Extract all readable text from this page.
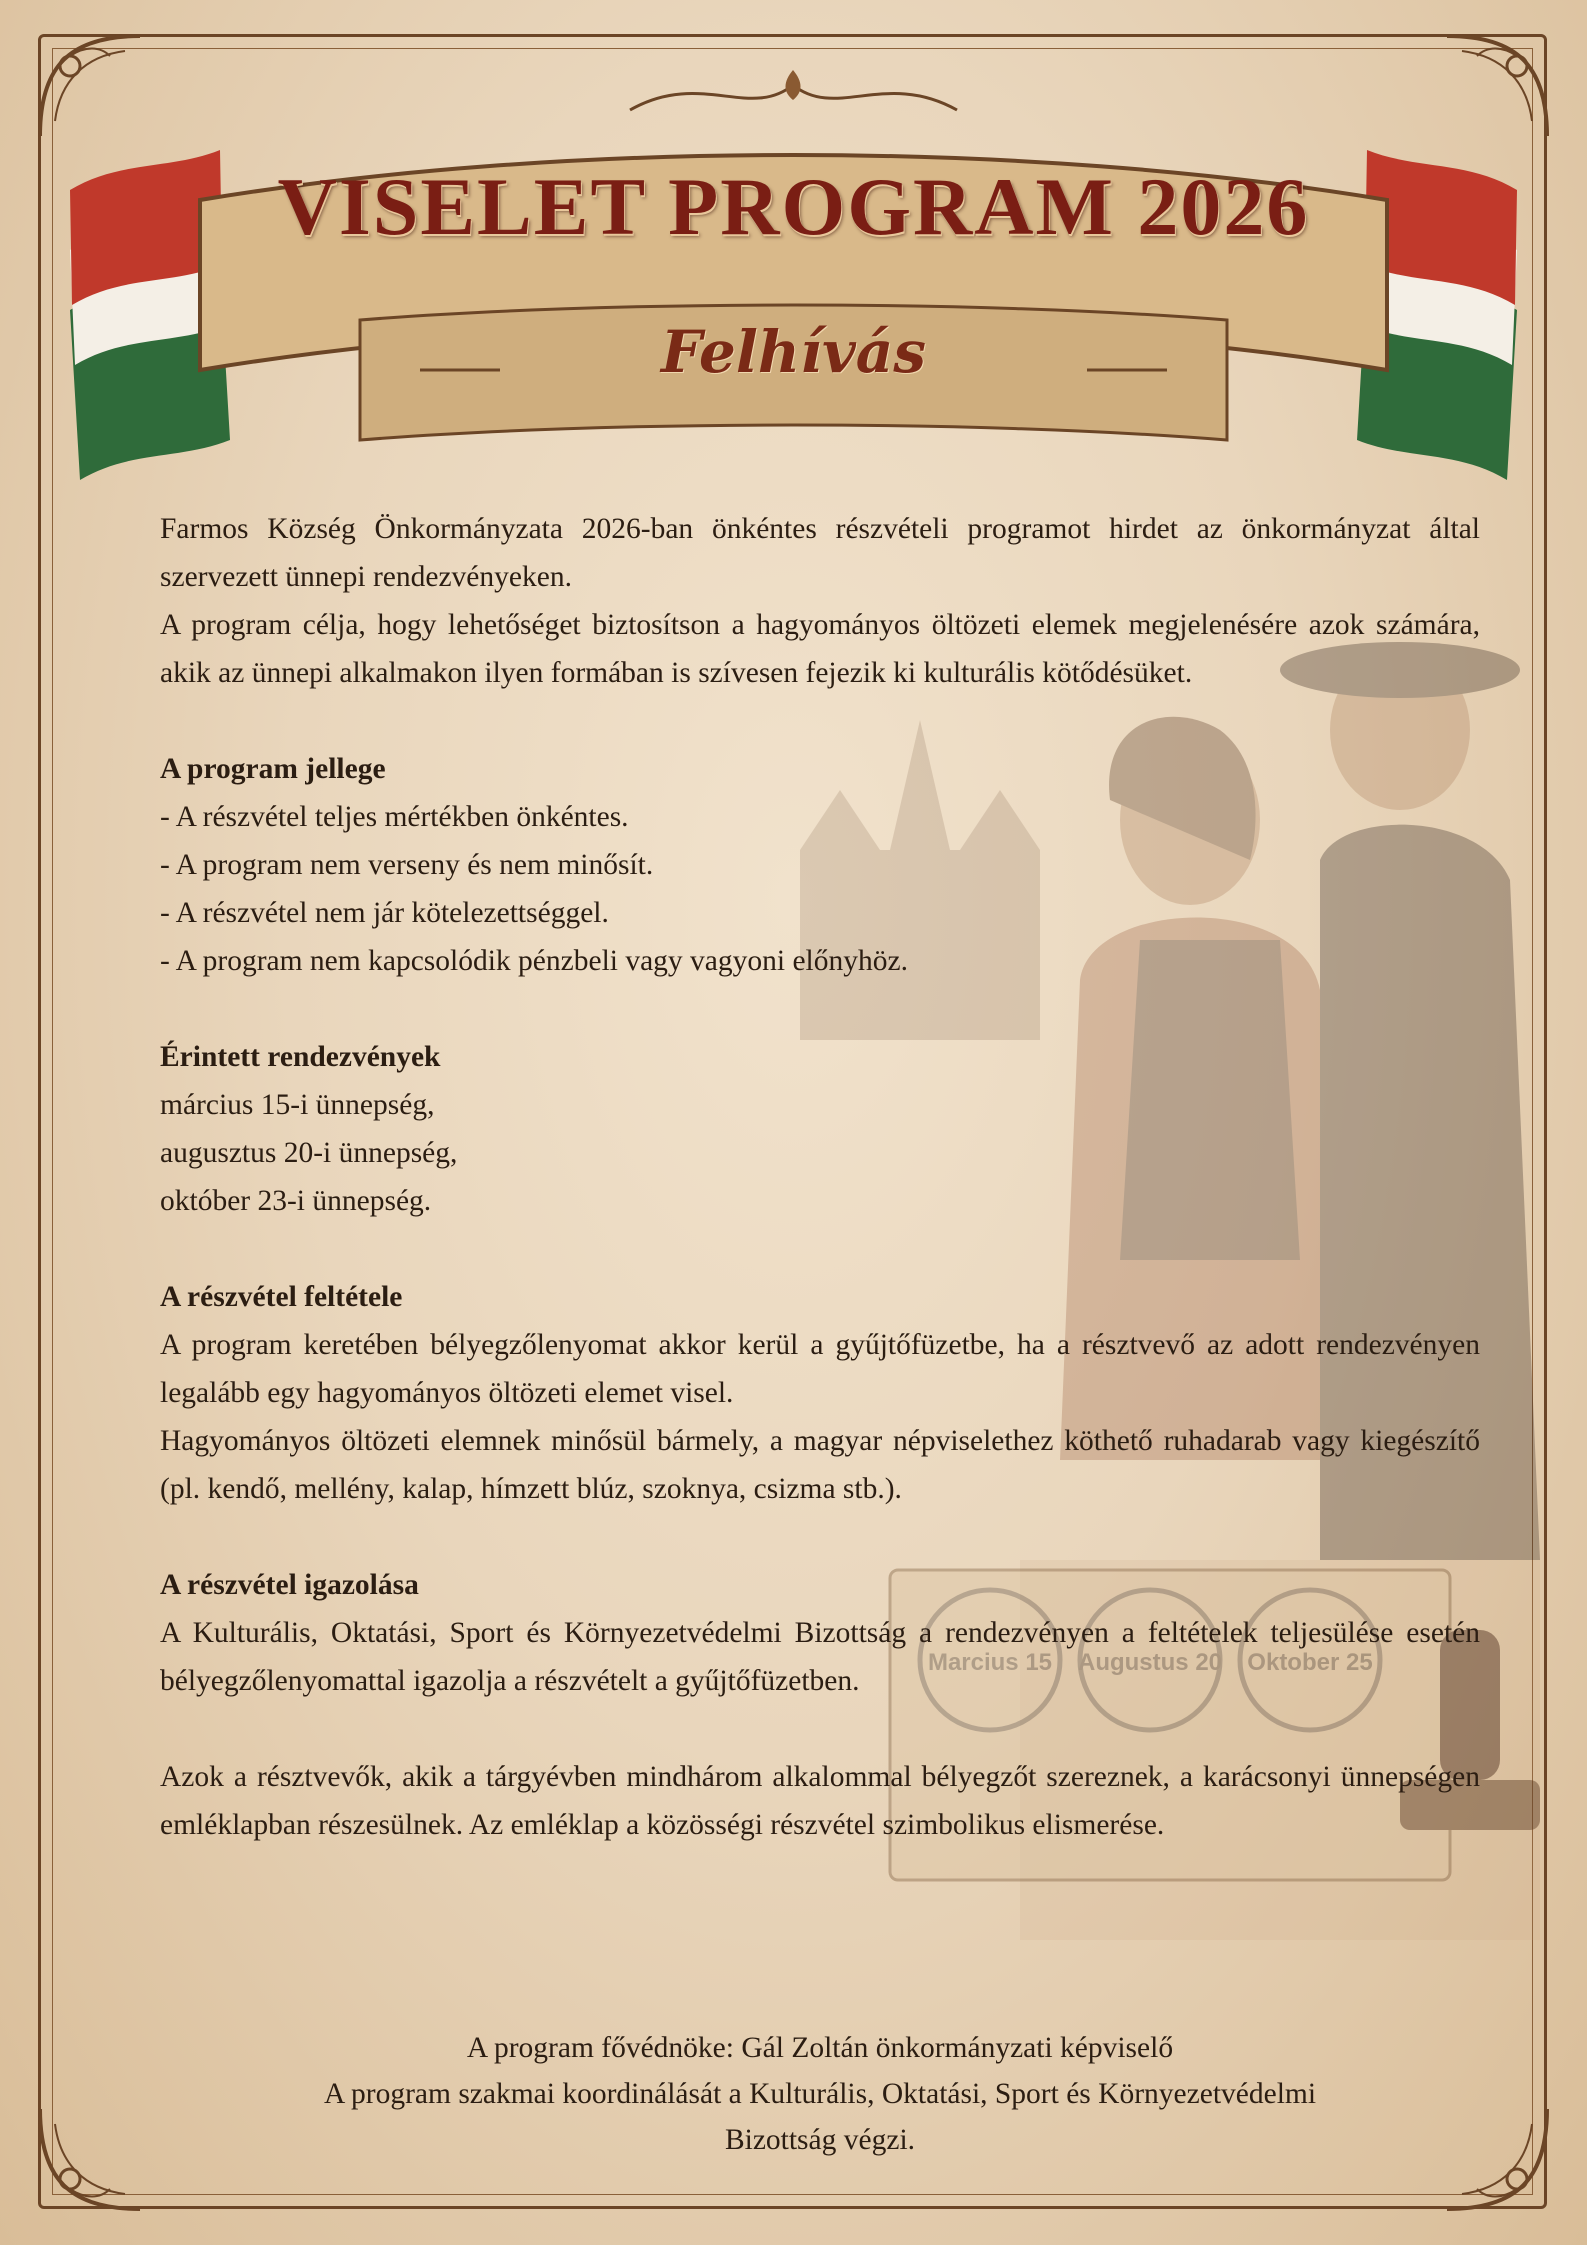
Marcius 15 Augustus 20 Oktober 25
VISELET PROGRAM 2026
Felhívás

Farmos Község Önkormányzata 2026-ban önkéntes részvételi programot hirdet az önkormányzat által szervezett ünnepi rendezvényeken.

A program célja, hogy lehetőséget biztosítson a hagyományos öltözeti elemek megjelenésére azok számára, akik az ünnepi alkalmakon ilyen formában is szívesen fejezik ki kulturális kötődésüket.

A program jellege

- A részvétel teljes mértékben önkéntes.

- A program nem verseny és nem minősít.

- A részvétel nem jár kötelezettséggel.

- A program nem kapcsolódik pénzbeli vagy vagyoni előnyhöz.

Érintett rendezvények

március 15-i ünnepség,

augusztus 20-i ünnepség,

október 23-i ünnepség.

A részvétel feltétele

A program keretében bélyegzőlenyomat akkor kerül a gyűjtőfüzetbe, ha a résztvevő az adott rendezvényen legalább egy hagyományos öltözeti elemet visel.

Hagyományos öltözeti elemnek minősül bármely, a magyar népviselethez köthető ruhadarab vagy kiegészítő (pl. kendő, mellény, kalap, hímzett blúz, szoknya, csizma stb.).

A részvétel igazolása

A Kulturális, Oktatási, Sport és Környezetvédelmi Bizottság a rendezvényen a feltételek teljesülése esetén bélyegzőlenyomattal igazolja a részvételt a gyűjtőfüzetben.

Azok a résztvevők, akik a tárgyévben mindhárom alkalommal bélyegzőt szereznek, a karácsonyi ünnepségen emléklapban részesülnek. Az emléklap a közösségi részvétel szimbolikus elismerése.

A program fővédnöke: Gál Zoltán önkormányzati képviselő

A program szakmai koordinálását a Kulturális, Oktatási, Sport és Környezetvédelmi

Bizottság végzi.
